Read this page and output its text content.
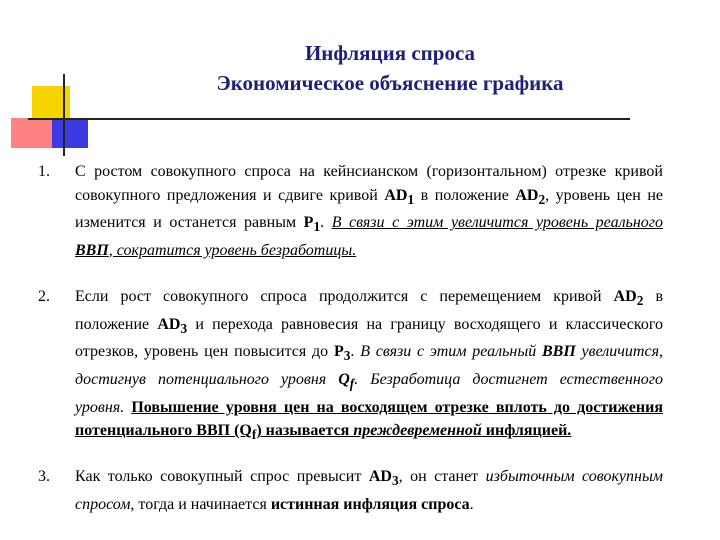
Инфляция спроса
Экономическое объяснение графика
1.	С ростом совокупного спроса на кейнсианском (горизонтальном) отрезке кривой совокупного предложения и сдвиге кривой $AD_1$ в положение $AD_2$, уровень цен не изменится и останется равным $P_1$. В связи с этим увеличится уровень реального ВВП, сократится уровень безработицы.
2.	Если рост совокупного спроса продолжится с перемещением кривой $AD_2$ в положение $AD_3$ и перехода равновесия на границу восходящего и классического отрезков, уровень цен повысится до $P_3$. В связи с этим реальный ВВП увеличится, достигнув потенциального уровня $Q_f$. Безработица достигнет естественного уровня. Повышение уровня цен на восходящем отрезке вплоть до достижения потенциального ВВП $(Q_f)$ называется преждевременной инфляцией.
3.	Как только совокупный спрос превысит $AD_3$, он станет избыточным совокупным спросом, тогда и начинается истинная инфляция спроса.
